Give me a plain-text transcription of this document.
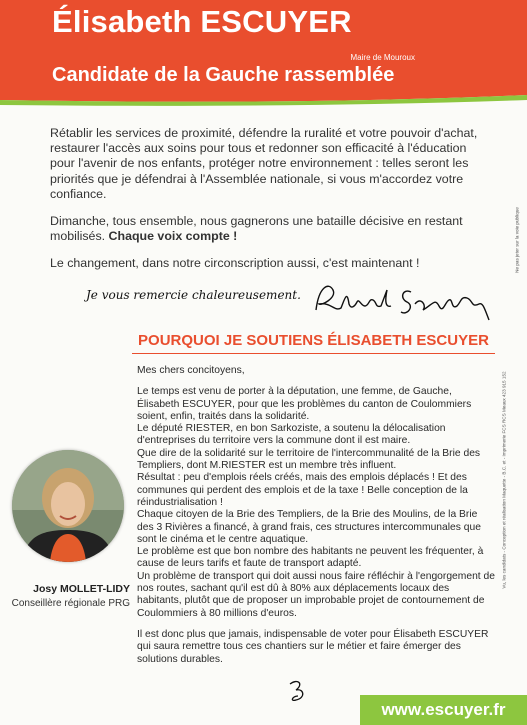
Élisabeth ESCUYER
Maire de Mouroux
Candidate de la Gauche rassemblée

Rétablir les services de proximité, défendre la ruralité et votre pouvoir d'achat, restaurer l'accès aux soins pour tous et redonner son efficacité à l'éducation pour l'avenir de nos enfants, protéger notre environnement : telles seront les priorités que je défendrai à l'Assemblée nationale, si vous m'accordez votre confiance.

Dimanche, tous ensemble, nous gagnerons une bataille décisive en restant mobilisés. Chaque voix compte !

Le changement, dans notre circonscription aussi, c'est maintenant !

Je vous remercie chaleureusement.
POURQUOI JE SOUTIENS ÉLISABETH ESCUYER

Mes chers concitoyens,

Le temps est venu de porter à la députation, une femme, de Gauche, Élisabeth ESCUYER, pour que les problèmes du canton de Coulommiers soient, enfin, traités dans la solidarité.

Le député RIESTER, en bon Sarkoziste, a soutenu la délocalisation d'entreprises du territoire vers la commune dont il est maire.

Que dire de la solidarité sur le territoire de l'intercommunalité de la Brie des Templiers, dont M.RIESTER est un membre très influent.

Résultat : peu d'emplois réels créés, mais des emplois déplacés ! Et des communes qui perdent des emplois et de la taxe ! Belle conception de la réindustrialisation !

Chaque citoyen de la Brie des Templiers, de la Brie des Moulins, de la Brie des 3 Rivières a financé, à grand frais, ces structures intercommunales que sont le cinéma et le centre aquatique.

Le problème est que bon nombre des habitants ne peuvent les fréquenter, à cause de leurs tarifs et faute de transport adapté.

Un problème de transport qui doit aussi nous faire réfléchir à l'engorgement de nos routes, sachant qu'il est dû à 80% aux déplacements locaux des habitants, plutôt que de proposer un improbable projet de contournement de Coulommiers à 80 millions d'euros.

Il est donc plus que jamais, indispensable de voter pour Élisabeth ESCUYER qui saura remettre tous ces chantiers sur le métier et faire émerger des solutions durables.

Josy MOLLET-LIDY
Conseillère régionale PRG
www.escuyer.fr
Vu, les candidats - Conception et réalisation Maquette - B.C. et - Imprimerie FCS RCS Meaux 423 915 152
Ne pas jeter sur la voie publique
